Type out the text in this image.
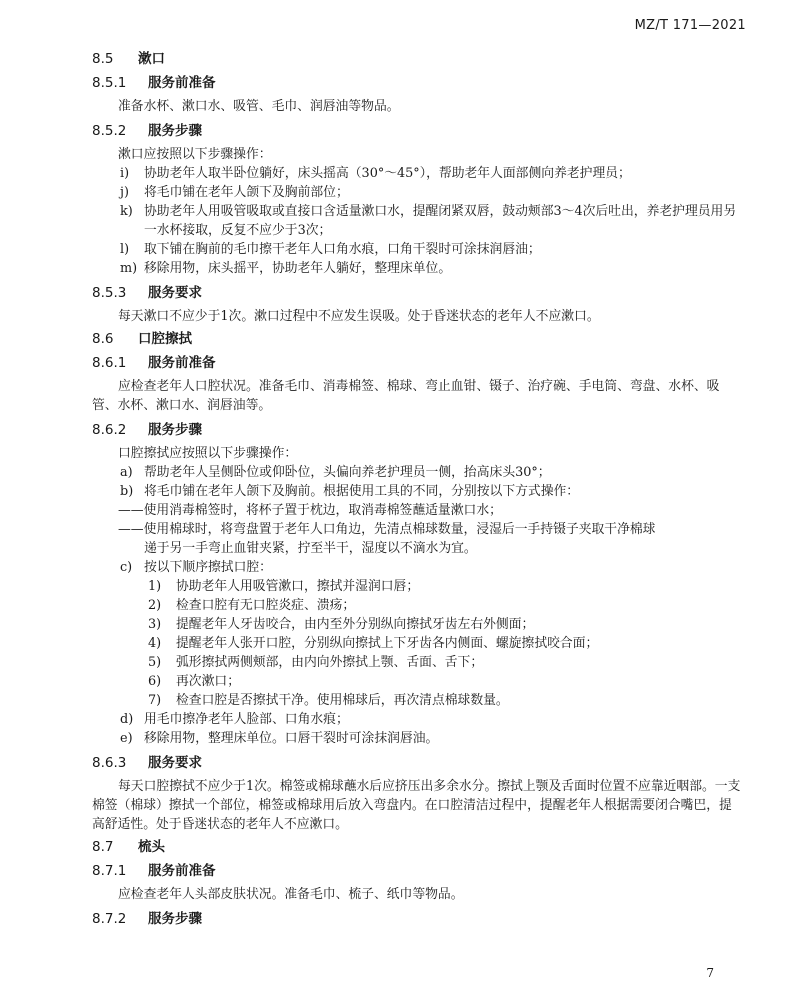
MZ/T 171—2021
8.5 漱口
8.5.1 服务前准备

准备水杯、漱口水、吸管、毛巾、润唇油等物品。

8.5.2 服务步骤

漱口应按照以下步骤操作：

i) 协助老年人取半卧位躺好，床头摇高（30°～45°），帮助老年人面部侧向养老护理员；
j) 将毛巾铺在老年人颌下及胸前部位；
k) 协助老年人用吸管吸取或直接口含适量漱口水，提醒闭紧双唇，鼓动颊部3～4次后吐出，养老护理员用另一水杯接取，反复不应少于3次；
l) 取下铺在胸前的毛巾擦干老年人口角水痕，口角干裂时可涂抹润唇油；
m) 移除用物，床头摇平，协助老年人躺好，整理床单位。
8.5.3 服务要求

每天漱口不应少于1次。漱口过程中不应发生误吸。处于昏迷状态的老年人不应漱口。

8.6 口腔擦拭
8.6.1 服务前准备

应检查老年人口腔状况。准备毛巾、消毒棉签、棉球、弯止血钳、镊子、治疗碗、手电筒、弯盘、水杯、吸管、水杯、漱口水、润唇油等。

8.6.2 服务步骤

口腔擦拭应按照以下步骤操作：

a) 帮助老年人呈侧卧位或仰卧位，头偏向养老护理员一侧，抬高床头30°；
b) 将毛巾铺在老年人颌下及胸前。根据使用工具的不同，分别按以下方式操作：

——使用消毒棉签时，将杯子置于枕边，取消毒棉签蘸适量漱口水；

——使用棉球时，将弯盘置于老年人口角边，先清点棉球数量，浸湿后一手持镊子夹取干净棉球

递于另一手弯止血钳夹紧，拧至半干，湿度以不滴水为宜。

c) 按以下顺序擦拭口腔：
1) 协助老年人用吸管漱口，擦拭并湿润口唇；
2) 检查口腔有无口腔炎症、溃疡；
3) 提醒老年人牙齿咬合，由内至外分别纵向擦拭牙齿左右外侧面；
4) 提醒老年人张开口腔，分别纵向擦拭上下牙齿各内侧面、螺旋擦拭咬合面；
5) 弧形擦拭两侧颊部，由内向外擦拭上颚、舌面、舌下；
6) 再次漱口；
7) 检查口腔是否擦拭干净。使用棉球后，再次清点棉球数量。
d) 用毛巾擦净老年人脸部、口角水痕；
e) 移除用物，整理床单位。口唇干裂时可涂抹润唇油。
8.6.3 服务要求

每天口腔擦拭不应少于1次。棉签或棉球蘸水后应挤压出多余水分。擦拭上颚及舌面时位置不应靠近咽部。一支棉签（棉球）擦拭一个部位，棉签或棉球用后放入弯盘内。在口腔清洁过程中，提醒老年人根据需要闭合嘴巴，提高舒适性。处于昏迷状态的老年人不应漱口。

8.7 梳头
8.7.1 服务前准备

应检查老年人头部皮肤状况。准备毛巾、梳子、纸巾等物品。

8.7.2 服务步骤
7
